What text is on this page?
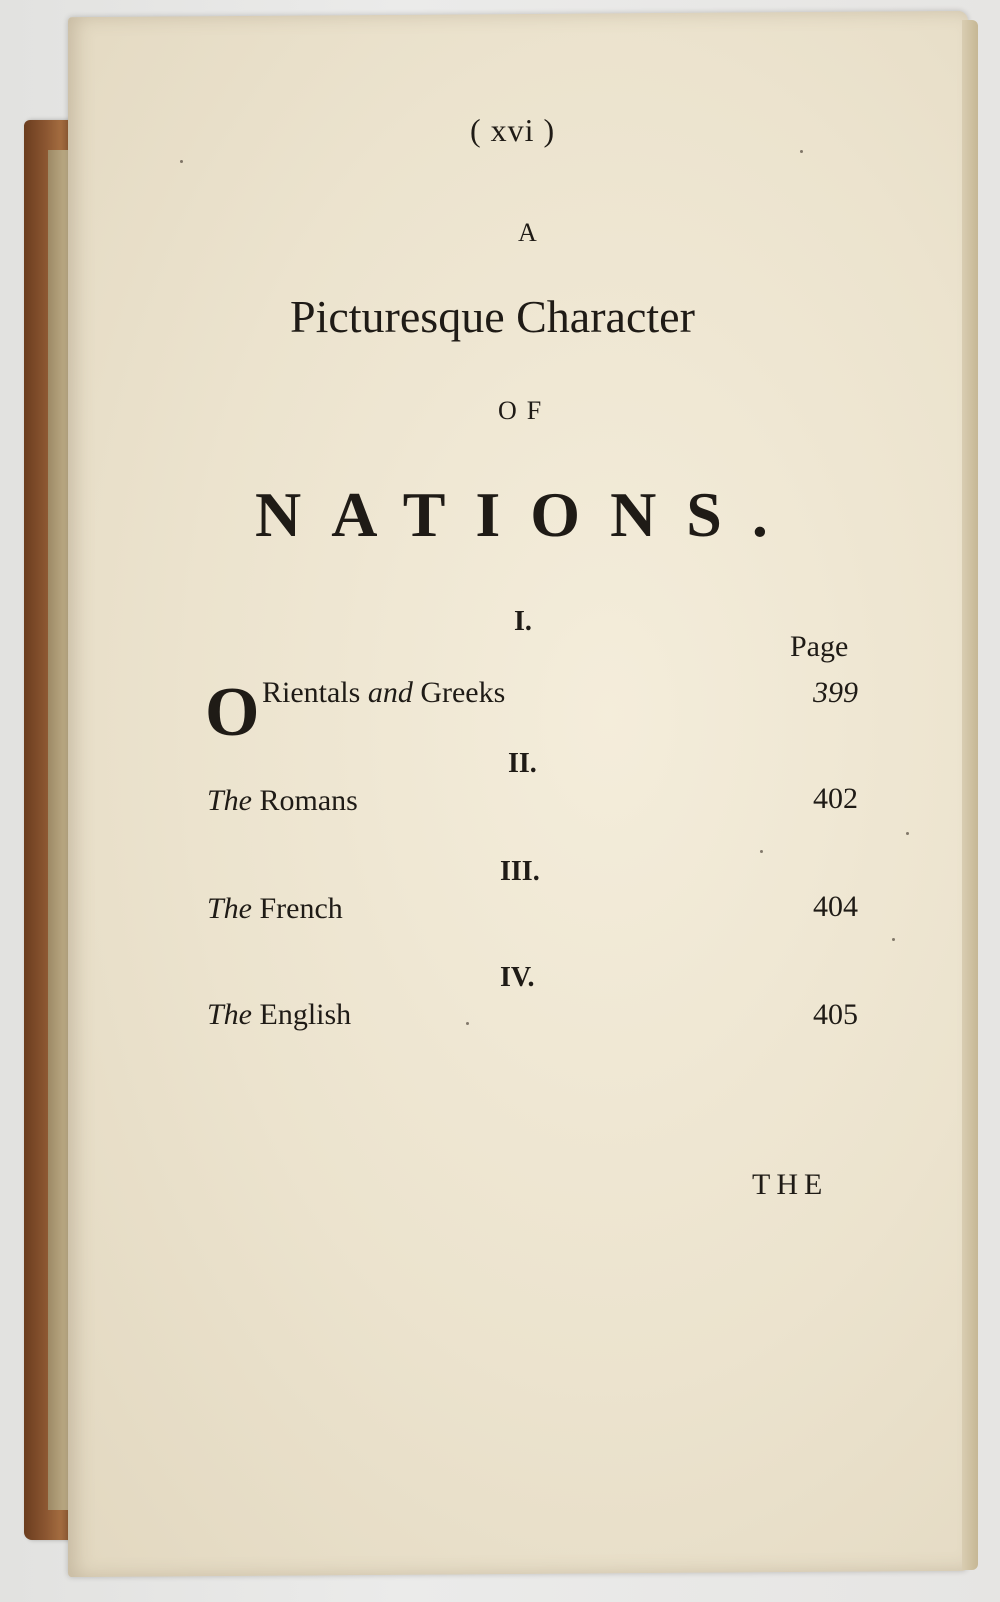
( xvi )
A
Picturesque Character
OF
NATIONS.
I.
Page
O Rientals and Greeks	399
II.
The Romans	402
III.
The French	404
IV.
The English	405
THE
